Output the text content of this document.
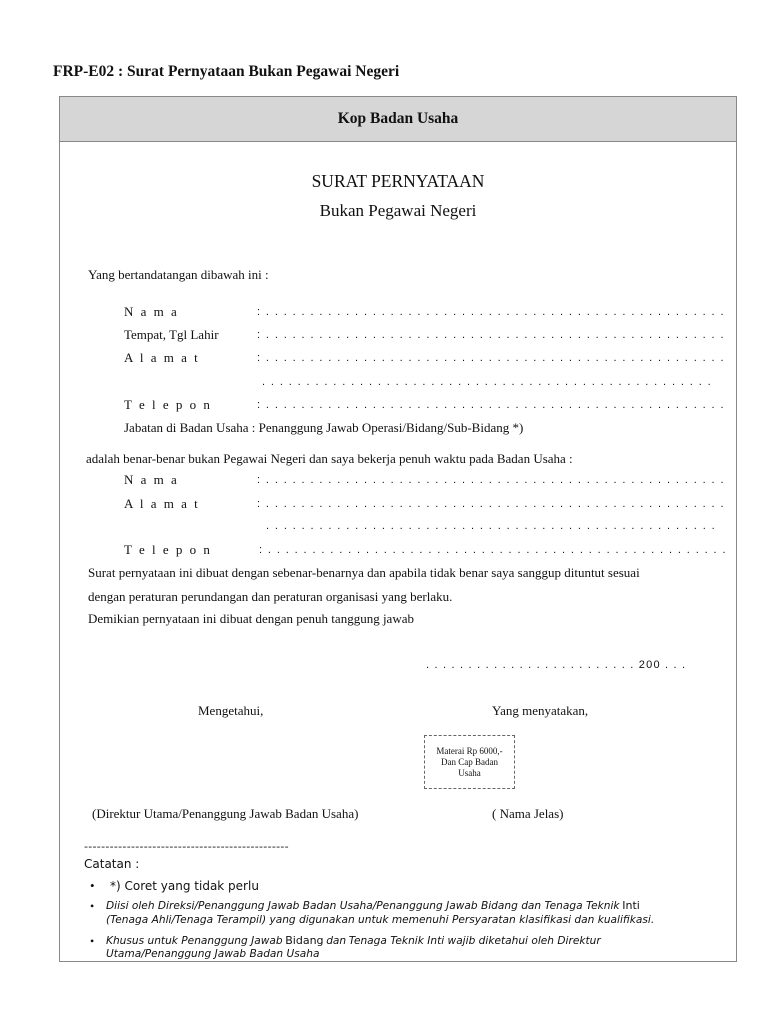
FRP-E02 : Surat Pernyataan Bukan Pegawai Negeri
Kop Badan Usaha
SURAT PERNYATAAN
Bukan Pegawai Negeri
Yang bertandatangan dibawah ini :
N a m a	: . . . . . . . . . . . . . . . . . . . . . . . . . . . . . . . . . . . . . . . . . . . . . . . . . . . .
Tempat, Tgl Lahir	: . . . . . . . . . . . . . . . . . . . . . . . . . . . . . . . . . . . . . . . . . . . . . . . . . . . .
A l a m a t	: . . . . . . . . . . . . . . . . . . . . . . . . . . . . . . . . . . . . . . . . . . . . . . . . . . . .
. . . . . . . . . . . . . . . . . . . . . . . . . . . . . . . . . . . . . . . . . . . . . . . . . . .
T e l e p o n	: . . . . . . . . . . . . . . . . . . . . . . . . . . . . . . . . . . . . . . . . . . . . . . . . . . . .
Jabatan di Badan Usaha : Penanggung Jawab Operasi/Bidang/Sub-Bidang *)
adalah benar-benar bukan Pegawai Negeri dan saya bekerja penuh waktu pada Badan Usaha :
N a m a	: . . . . . . . . . . . . . . . . . . . . . . . . . . . . . . . . . . . . . . . . . . . . . . . . . . . .
A l a m a t	: . . . . . . . . . . . . . . . . . . . . . . . . . . . . . . . . . . . . . . . . . . . . . . . . . . . .
. . . . . . . . . . . . . . . . . . . . . . . . . . . . . . . . . . . . . . . . . . . . . . . . . . .
T e l e p o n	: . . . . . . . . . . . . . . . . . . . . . . . . . . . . . . . . . . . . . . . . . . . . . . . . . . . .
Surat pernyataan ini dibuat dengan sebenar-benarnya dan apabila tidak benar saya sanggup dituntut sesuai
dengan peraturan perundangan dan peraturan organisasi yang berlaku.
Demikian pernyataan ini dibuat dengan penuh tanggung jawab
. . . . . . . . . . . . . . . . . . . . . . . . . 200 . . .
Mengetahui,	Yang menyatakan,
Materai Rp 6000,-
Dan Cap Badan
Usaha
(Direktur Utama/Penanggung Jawab Badan Usaha)	( Nama Jelas)
------------------------------------------------
Catatan :
• *) Coret yang tidak perlu
• Diisi oleh Direksi/Penanggung Jawab Badan Usaha/Penanggung Jawab Bidang dan Tenaga Teknik Inti
(Tenaga Ahli/Tenaga Terampil) yang digunakan untuk memenuhi Persyaratan klasifikasi dan kualifikasi.
• Khusus untuk Penanggung Jawab Bidang dan Tenaga Teknik Inti wajib diketahui oleh Direktur
Utama/Penanggung Jawab Badan Usaha
